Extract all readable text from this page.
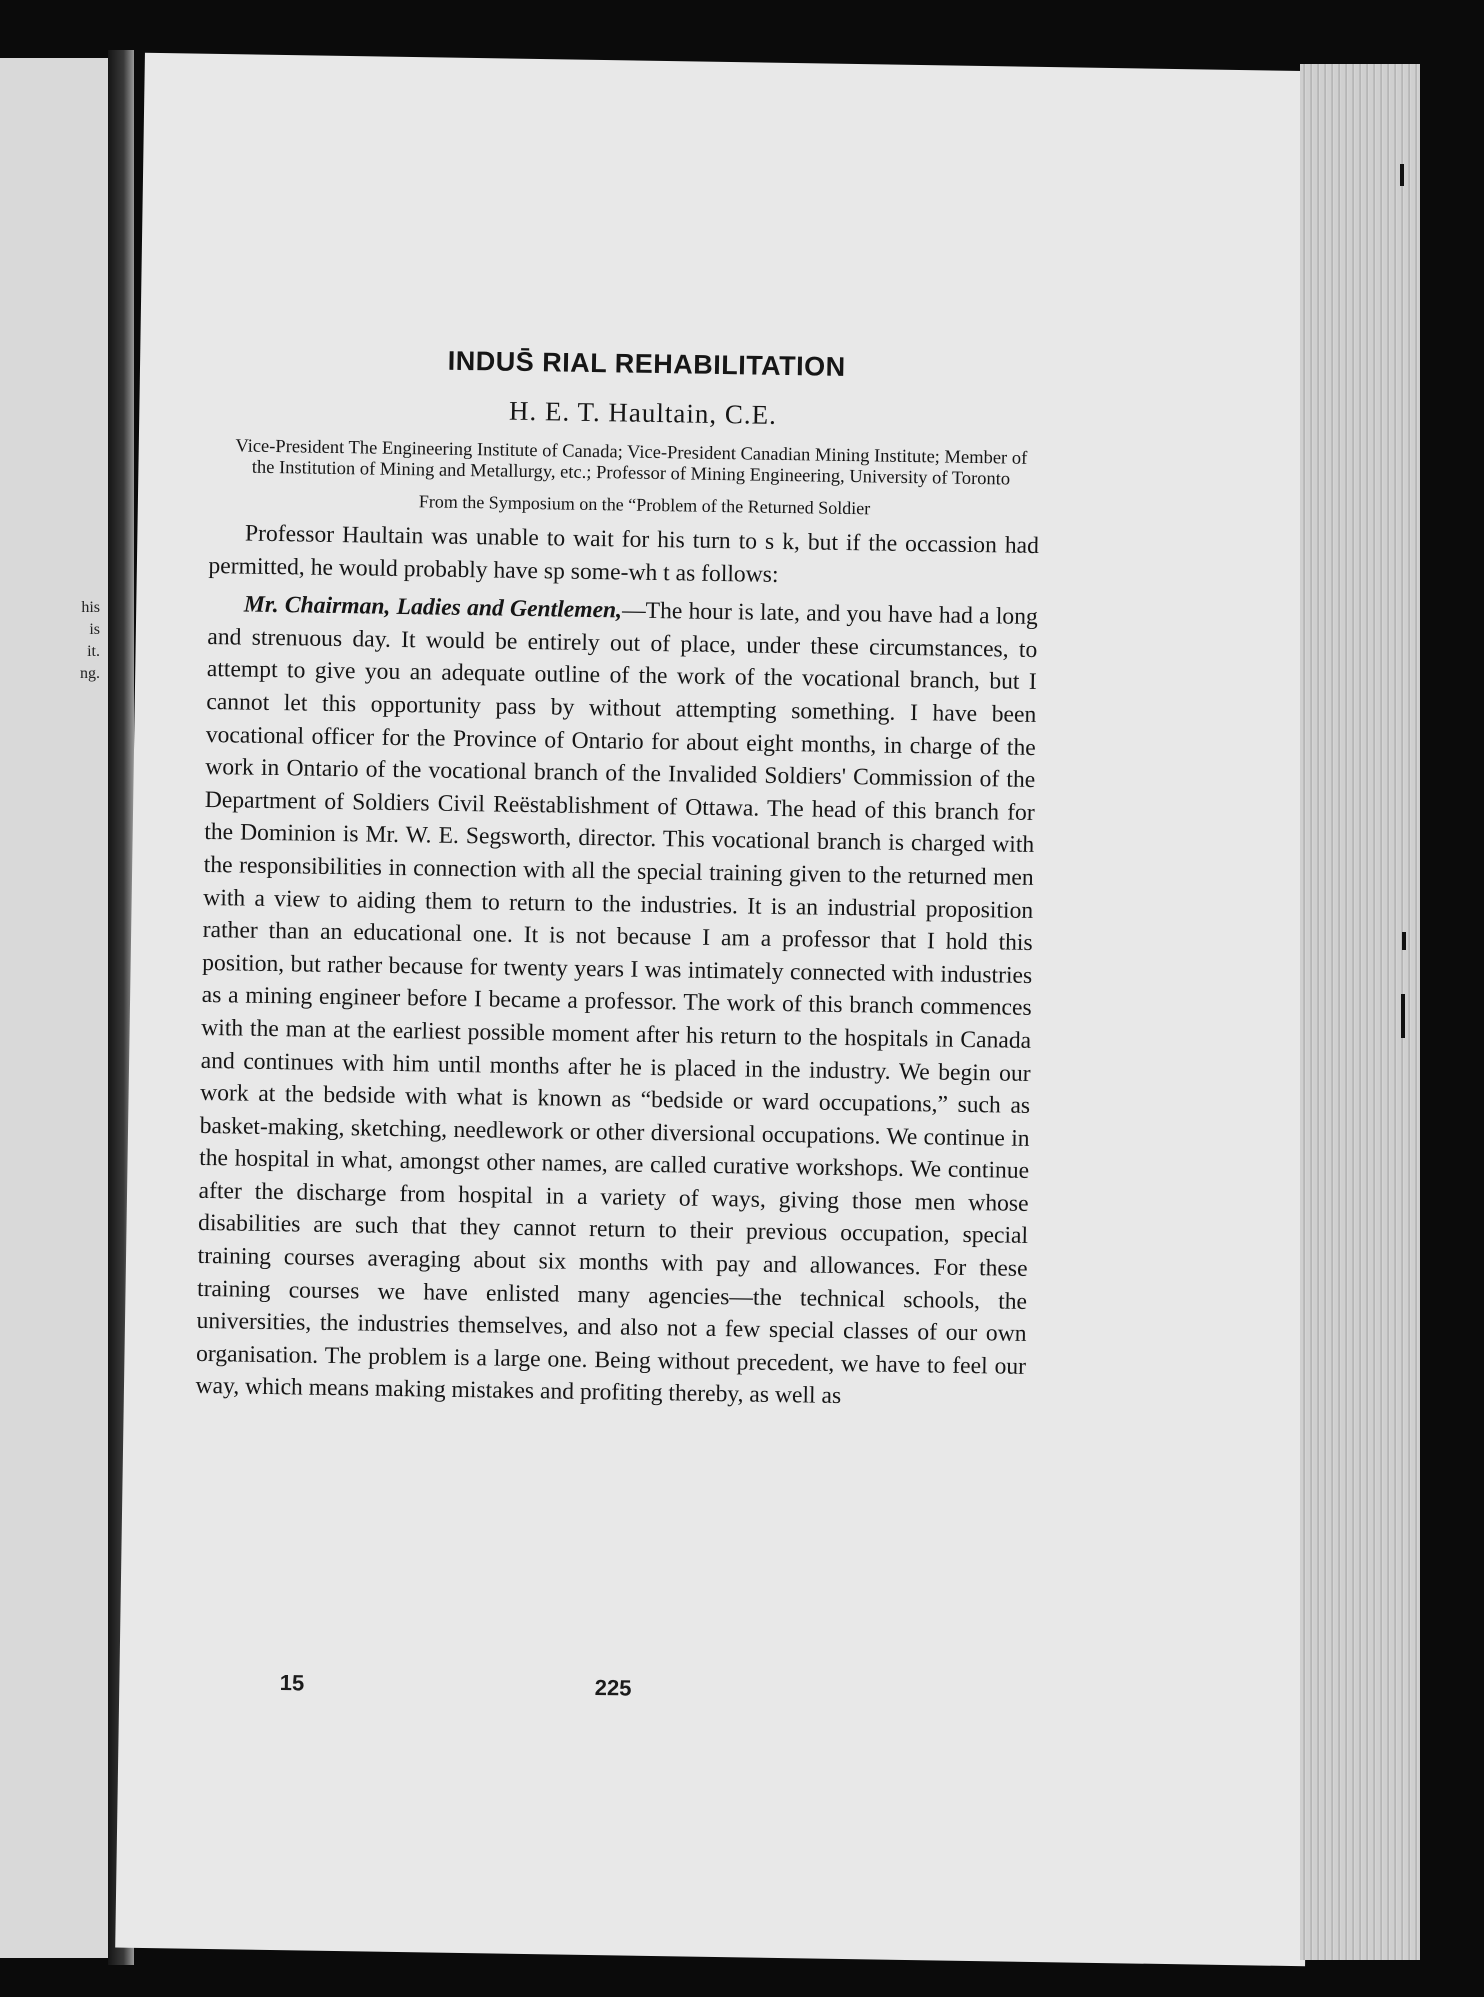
his
is
it.
ng.
INDUS̄ RIAL REHABILITATION
H. E. T. Haultain, C.E.
Vice-President The Engineering Institute of Canada; Vice-President Canadian Mining Institute; Member of the Institution of Mining and Metallurgy, etc.; Professor of Mining Engineering, University of Toronto
From the Symposium on the “Problem of the Returned Soldier

Professor Haultain was unable to wait for his turn to s k, but if the occassion had permitted, he would probably have sp some-wh t as follows:

Mr. Chairman, Ladies and Gentlemen,—The hour is late, and you have had a long and strenuous day. It would be entirely out of place, under these circumstances, to attempt to give you an adequate outline of the work of the vocational branch, but I cannot let this opportunity pass by without attempting something. I have been vocational officer for the Province of Ontario for about eight months, in charge of the work in Ontario of the vocational branch of the Invalided Soldiers' Commission of the Department of Soldiers Civil Reëstablishment of Ottawa. The head of this branch for the Dominion is Mr. W. E. Segsworth, director. This vocational branch is charged with the responsibilities in connection with all the special training given to the returned men with a view to aiding them to return to the industries. It is an industrial proposition rather than an educational one. It is not because I am a professor that I hold this position, but rather because for twenty years I was intimately connected with industries as a mining engineer before I became a professor. The work of this branch commences with the man at the earliest possible moment after his return to the hospitals in Canada and continues with him until months after he is placed in the industry. We begin our work at the bedside with what is known as “bedside or ward occupations,” such as basket-making, sketching, needlework or other diversional occupations. We continue in the hospital in what, amongst other names, are called curative workshops. We continue after the discharge from hospital in a variety of ways, giving those men whose disabilities are such that they cannot return to their previous occupation, special training courses averaging about six months with pay and allowances. For these training courses we have enlisted many agencies—the technical schools, the universities, the industries themselves, and also not a few special classes of our own organisation. The problem is a large one. Being without precedent, we have to feel our way, which means making mistakes and profiting thereby, as well as

15	225
